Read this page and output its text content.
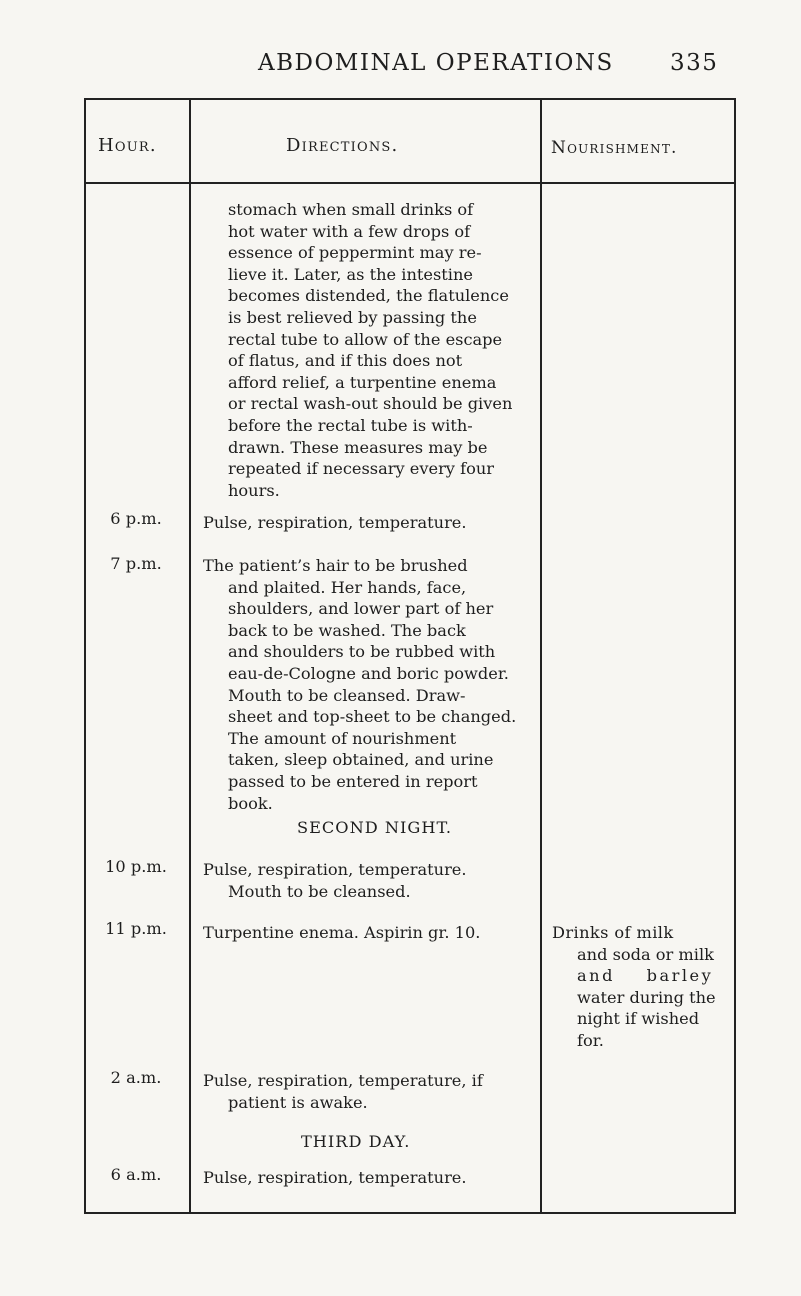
ABDOMINAL OPERATIONS 335
Hour.	Directions.	Nourishment.
stomach when small drinks of
hot water with a few drops of
essence of peppermint may re-
lieve it. Later, as the intestine
becomes distended, the flatulence
is best relieved by passing the
rectal tube to allow of the escape
of flatus, and if this does not
afford relief, a turpentine enema
or rectal wash-out should be given
before the rectal tube is with-
drawn. These measures may be
repeated if necessary every four
hours.
6 p.m.	Pulse, respiration, temperature.
7 p.m.	The patient’s hair to be brushed
and plaited. Her hands, face,
shoulders, and lower part of her
back to be washed. The back
and shoulders to be rubbed with
eau-de-Cologne and boric powder.
Mouth to be cleansed. Draw-
sheet and top-sheet to be changed.
The amount of nourishment
taken, sleep obtained, and urine
passed to be entered in report
book.
SECOND NIGHT.
10 p.m.	Pulse, respiration, temperature.
Mouth to be cleansed.
11 p.m.	Turpentine enema. Aspirin gr. 10.	Drinks of milk
and soda or milk
and barley
water during the
night if wished
for.
2 a.m.	Pulse, respiration, temperature, if
patient is awake.
THIRD DAY.
6 a.m.	Pulse, respiration, temperature.
